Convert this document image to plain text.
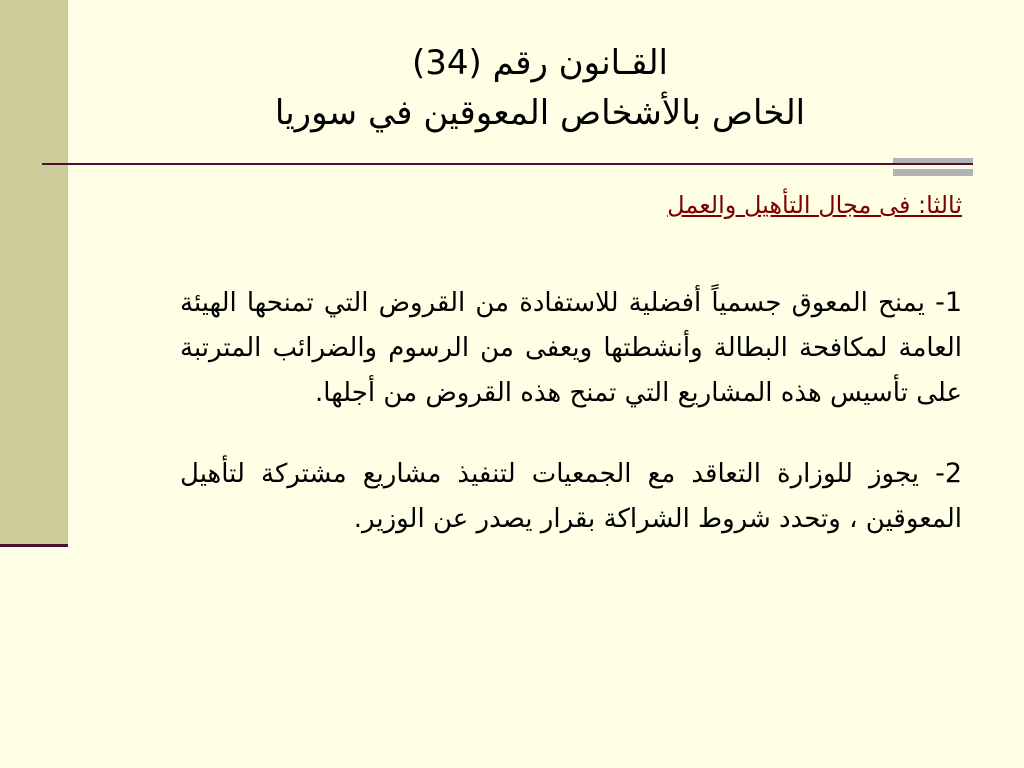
القـانون رقم (34)
الخاص بالأشخاص المعوقين في سوريا
ثالثا: فى مجال التأهيل والعمل

1- يمنح المعوق جسمياً أفضلية للاستفادة من القروض التي تمنحها الهيئة العامة لمكافحة البطالة وأنشطتها ويعفى من الرسوم والضرائب المترتبة على تأسيس هذه المشاريع التي تمنح هذه القروض من أجلها.

2- يجوز للوزارة التعاقد مع الجمعيات لتنفيذ مشاريع مشتركة لتأهيل المعوقين ، وتحدد شروط الشراكة بقرار يصدر عن الوزير.
